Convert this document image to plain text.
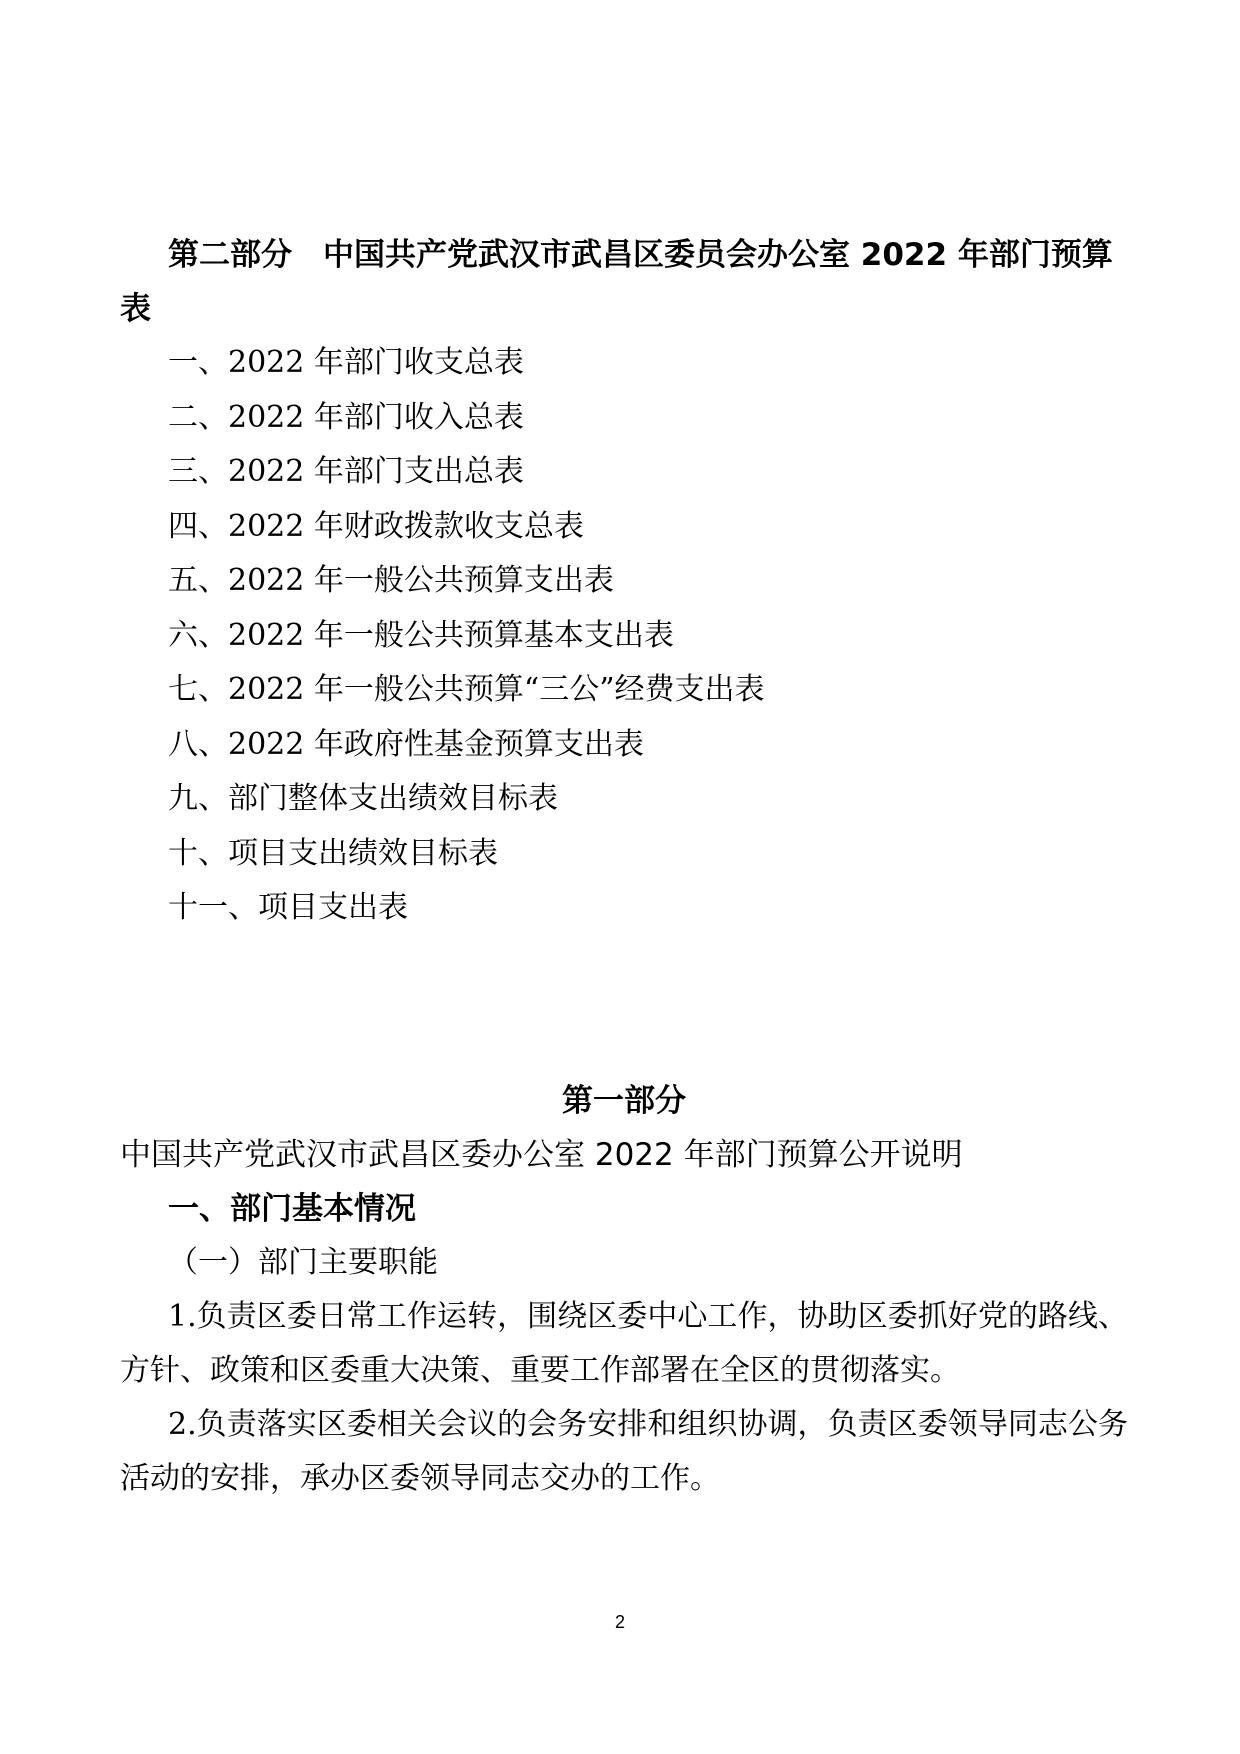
第二部分　中国共产党武汉市武昌区委员会办公室 2022 年部门预算表

一、2022 年部门收支总表
二、2022 年部门收入总表
三、2022 年部门支出总表
四、2022 年财政拨款收支总表
五、2022 年一般公共预算支出表
六、2022 年一般公共预算基本支出表
七、2022 年一般公共预算“三公”经费支出表
八、2022 年政府性基金预算支出表
九、部门整体支出绩效目标表
十、项目支出绩效目标表
十一、项目支出表

第一部分

中国共产党武汉市武昌区委办公室 2022 年部门预算公开说明

一、部门基本情况

（一）部门主要职能

1.负责区委日常工作运转，围绕区委中心工作，协助区委抓好党的路线、方针、政策和区委重大决策、重要工作部署在全区的贯彻落实。

2.负责落实区委相关会议的会务安排和组织协调，负责区委领导同志公务活动的安排，承办区委领导同志交办的工作。

2
